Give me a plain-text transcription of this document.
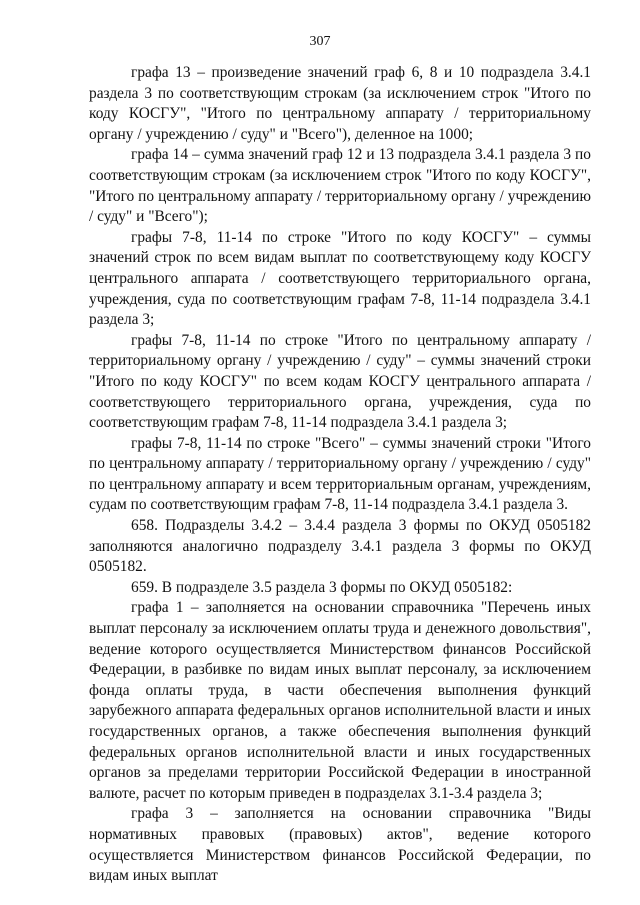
307

графа 13 – произведение значений граф 6, 8 и 10 подраздела 3.4.1 раздела 3 по соответствующим строкам (за исключением строк "Итого по коду КОСГУ", "Итого по центральному аппарату / территориальному органу / учреждению / суду" и "Всего"), деленное на 1000;

графа 14 – сумма значений граф 12 и 13 подраздела 3.4.1 раздела 3 по соответствующим строкам (за исключением строк "Итого по коду КОСГУ", "Итого по центральному аппарату / территориальному органу / учреждению / суду" и "Всего");

графы 7-8, 11-14 по строке "Итого по коду КОСГУ" – суммы значений строк по всем видам выплат по соответствующему коду КОСГУ центрального аппарата / соответствующего территориального органа, учреждения, суда по соответствующим графам 7-8, 11-14 подраздела 3.4.1 раздела 3;

графы 7-8, 11-14 по строке "Итого по центральному аппарату / территориальному органу / учреждению / суду" – суммы значений строки "Итого по коду КОСГУ" по всем кодам КОСГУ центрального аппарата / соответствующего территориального органа, учреждения, суда по соответствующим графам 7-8, 11-14 подраздела 3.4.1 раздела 3;

графы 7-8, 11-14 по строке "Всего" – суммы значений строки "Итого по центральному аппарату / территориальному органу / учреждению / суду" по центральному аппарату и всем территориальным органам, учреждениям, судам по соответствующим графам 7-8, 11-14 подраздела 3.4.1 раздела 3.

658. Подразделы 3.4.2 – 3.4.4 раздела 3 формы по ОКУД 0505182 заполняются аналогично подразделу 3.4.1 раздела 3 формы по ОКУД 0505182.

659. В подразделе 3.5 раздела 3 формы по ОКУД 0505182:

графа 1 – заполняется на основании справочника "Перечень иных выплат персоналу за исключением оплаты труда и денежного довольствия", ведение которого осуществляется Министерством финансов Российской Федерации, в разбивке по видам иных выплат персоналу, за исключением фонда оплаты труда, в части обеспечения выполнения функций зарубежного аппарата федеральных органов исполнительной власти и иных государственных органов, а также обеспечения выполнения функций федеральных органов исполнительной власти и иных государственных органов за пределами территории Российской Федерации в иностранной валюте, расчет по которым приведен в подразделах 3.1-3.4 раздела 3;

графа 3 – заполняется на основании справочника "Виды нормативных правовых (правовых) актов", ведение которого осуществляется Министерством финансов Российской Федерации, по видам иных выплат
